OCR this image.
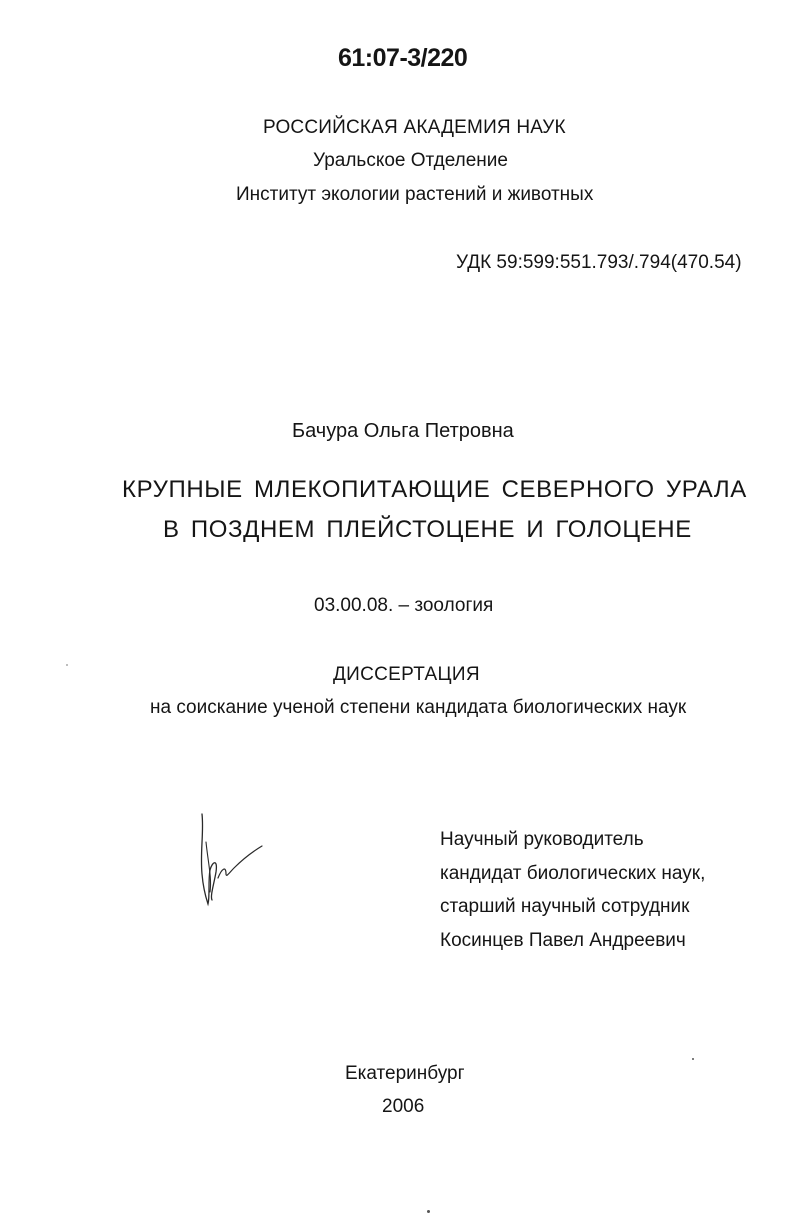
61:07-3/220
РОССИЙСКАЯ АКАДЕМИЯ НАУК
Уральское Отделение
Институт экологии растений и животных
УДК 59:599:551.793/.794(470.54)
Бачура Ольга Петровна
КРУПНЫЕ МЛЕКОПИТАЮЩИЕ СЕВЕРНОГО УРАЛА
В ПОЗДНЕМ ПЛЕЙСТОЦЕНЕ И ГОЛОЦЕНЕ
03.00.08. – зоология
ДИССЕРТАЦИЯ
на соискание ученой степени кандидата биологических наук
Научный руководитель
кандидат биологических наук,
старший научный сотрудник
Косинцев Павел Андреевич
Екатеринбург
2006
